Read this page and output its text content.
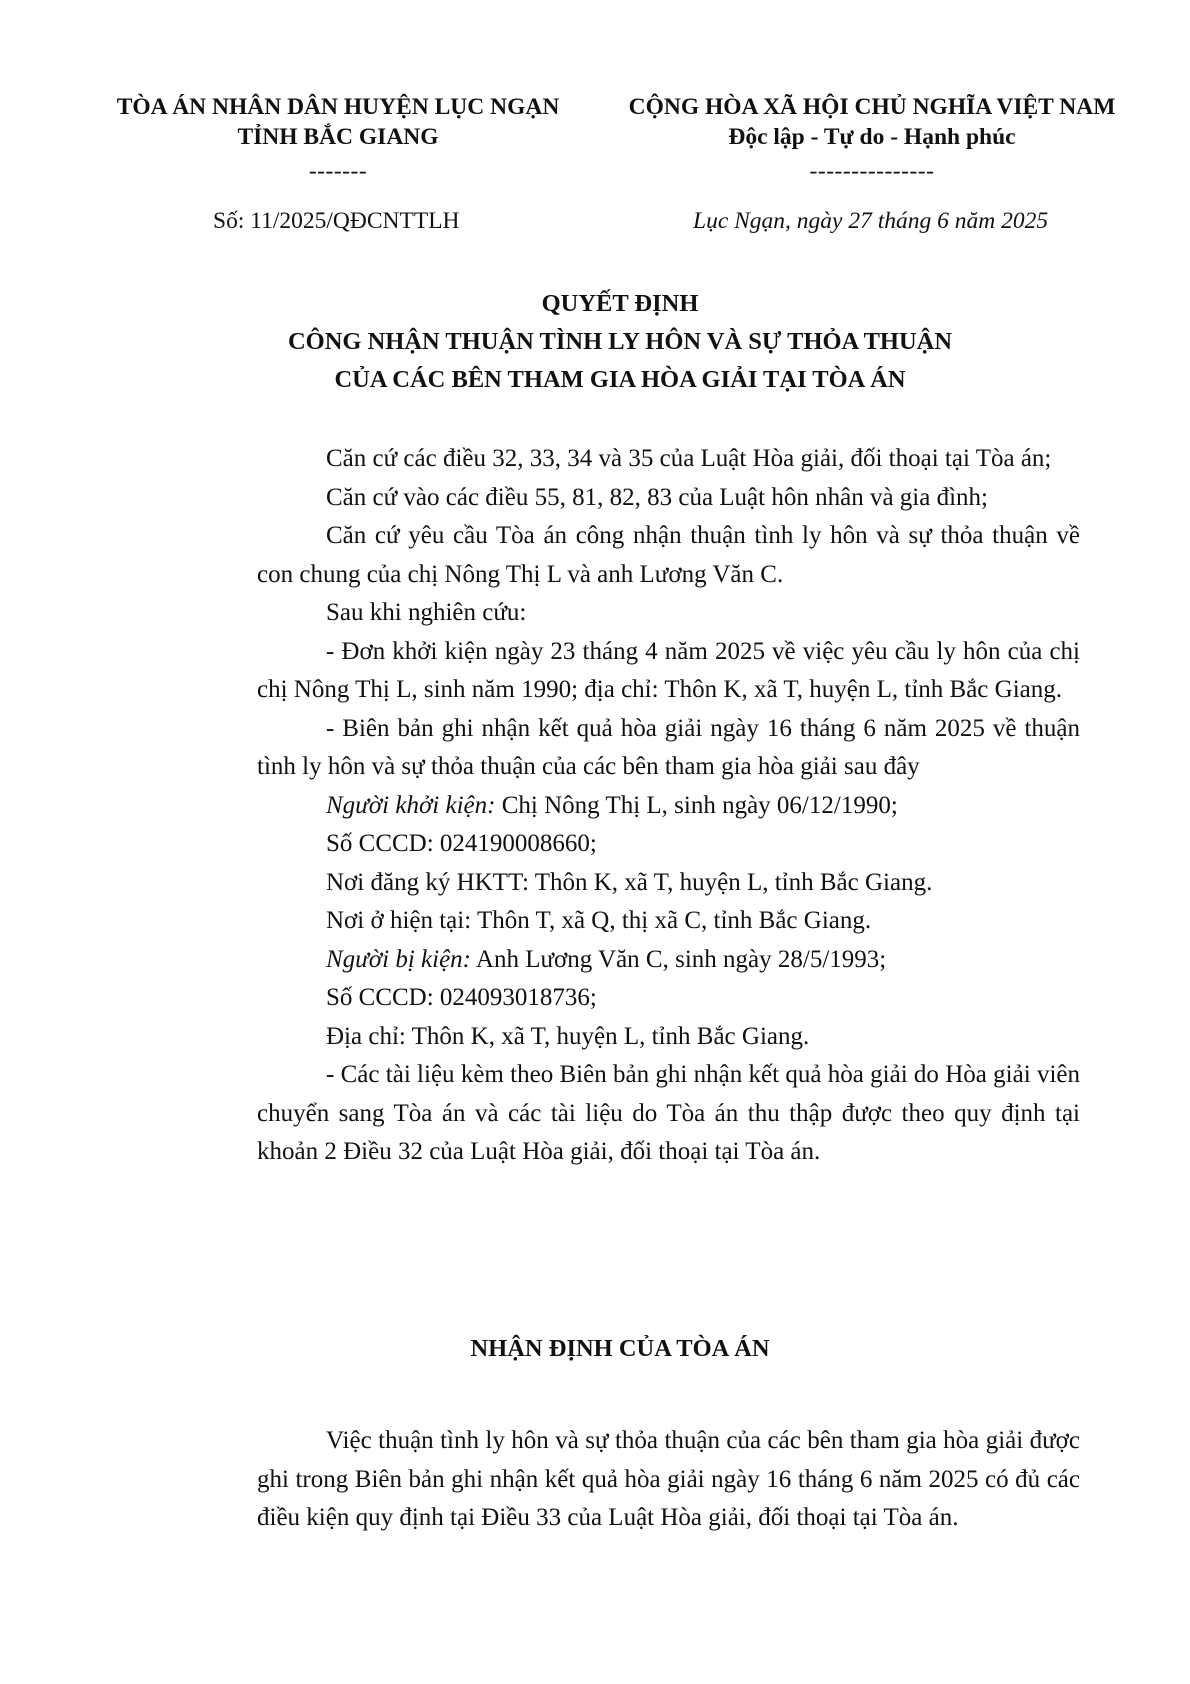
TÒA ÁN NHÂN DÂN HUYỆN LỤC NGẠN
TỈNH BẮC GIANG
-------
CỘNG HÒA XÃ HỘI CHỦ NGHĨA VIỆT NAM
Độc lập - Tự do - Hạnh phúc
---------------
Số: 11/2025/QĐCNTTLH	Lục Ngạn, ngày 27 tháng 6 năm 2025
QUYẾT ĐỊNH
CÔNG NHẬN THUẬN TÌNH LY HÔN VÀ SỰ THỎA THUẬN
CỦA CÁC BÊN THAM GIA HÒA GIẢI TẠI TÒA ÁN

Căn cứ các điều 32, 33, 34 và 35 của Luật Hòa giải, đối thoại tại Tòa án;

Căn cứ vào các điều 55, 81, 82, 83 của Luật hôn nhân và gia đình;

Căn cứ yêu cầu Tòa án công nhận thuận tình ly hôn và sự thỏa thuận về con chung của chị Nông Thị L và anh Lương Văn C.

Sau khi nghiên cứu:

- Đơn khởi kiện ngày 23 tháng 4 năm 2025 về việc yêu cầu ly hôn của chị chị Nông Thị L, sinh năm 1990; địa chỉ: Thôn K, xã T, huyện L, tỉnh Bắc Giang.

- Biên bản ghi nhận kết quả hòa giải ngày 16 tháng 6 năm 2025 về thuận tình ly hôn và sự thỏa thuận của các bên tham gia hòa giải sau đây

Người khởi kiện: Chị Nông Thị L, sinh ngày 06/12/1990;

Số CCCD: 024190008660;

Nơi đăng ký HKTT: Thôn K, xã T, huyện L, tỉnh Bắc Giang.

Nơi ở hiện tại: Thôn T, xã Q, thị xã C, tỉnh Bắc Giang.

Người bị kiện: Anh Lương Văn C, sinh ngày 28/5/1993;

Số CCCD: 024093018736;

Địa chỉ: Thôn K, xã T, huyện L, tỉnh Bắc Giang.

- Các tài liệu kèm theo Biên bản ghi nhận kết quả hòa giải do Hòa giải viên chuyển sang Tòa án và các tài liệu do Tòa án thu thập được theo quy định tại khoản 2 Điều 32 của Luật Hòa giải, đối thoại tại Tòa án.

NHẬN ĐỊNH CỦA TÒA ÁN

Việc thuận tình ly hôn và sự thỏa thuận của các bên tham gia hòa giải được ghi trong Biên bản ghi nhận kết quả hòa giải ngày 16 tháng 6 năm 2025 có đủ các điều kiện quy định tại Điều 33 của Luật Hòa giải, đối thoại tại Tòa án.
